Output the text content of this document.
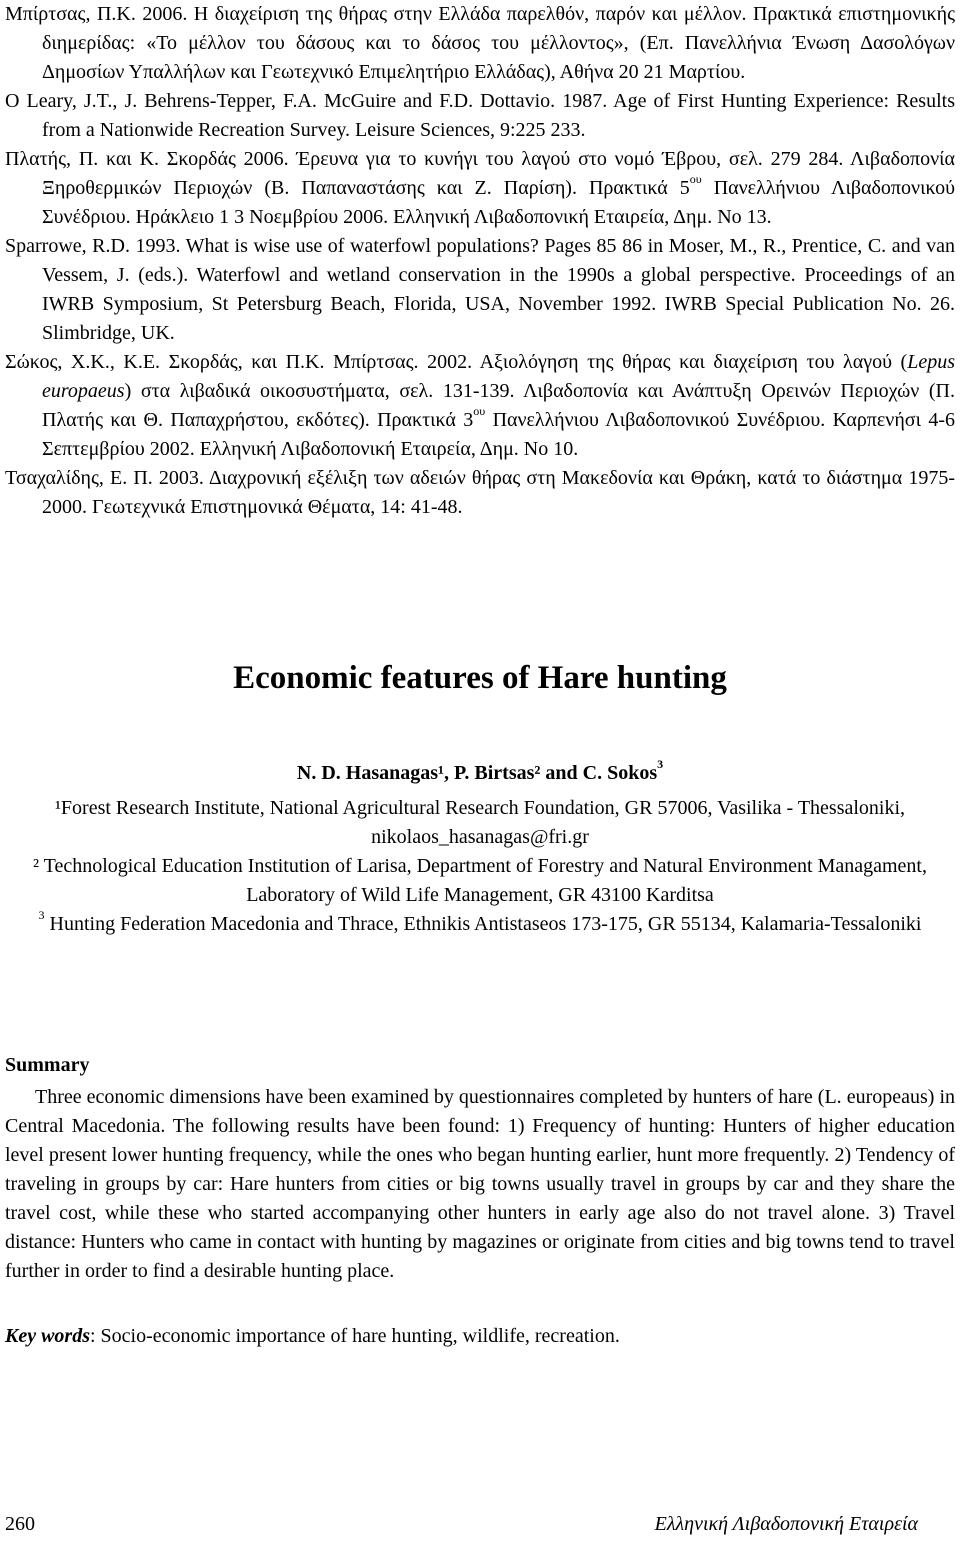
Μπίρτσας, Π.Κ. 2006. Η διαχείριση της θήρας στην Ελλάδα παρελθόν, παρόν και μέλλον. Πρακτικά επιστημονικής διημερίδας: «Το μέλλον του δάσους και το δάσος του μέλλοντος», (Επ. Πανελλήνια Ένωση Δασολόγων Δημοσίων Υπαλλήλων και Γεωτεχνικό Επιμελητήριο Ελλάδας), Αθήνα 20 21 Μαρτίου.

O Leary, J.T., J. Behrens-Tepper, F.A. McGuire and F.D. Dottavio. 1987. Age of First Hunting Experience: Results from a Nationwide Recreation Survey. Leisure Sciences, 9:225 233.

Πλατής, Π. και Κ. Σκορδάς 2006. Έρευνα για το κυνήγι του λαγού στο νομό Έβρου, σελ. 279 284. Λιβαδοπονία Ξηροθερμικών Περιοχών (Β. Παπαναστάσης και Ζ. Παρίση). Πρακτικά $5^{o\upsilon}$ Πανελλήνιου Λιβαδοπονικού Συνέδριου. Ηράκλειο 1 3 Νοεμβρίου 2006. Ελληνική Λιβαδοπονική Εταιρεία, Δημ. Νο 13.

Sparrowe, R.D. 1993. What is wise use of waterfowl populations? Pages 85 86 in Moser, M., R., Prentice, C. and van Vessem, J. (eds.). Waterfowl and wetland conservation in the 1990s a global perspective. Proceedings of an IWRB Symposium, St Petersburg Beach, Florida, USA, November 1992. IWRB Special Publication No. 26. Slimbridge, UK.

Σώκος, Χ.Κ., Κ.Ε. Σκορδάς, και Π.Κ. Μπίρτσας. 2002. Αξιολόγηση της θήρας και διαχείριση του λαγού (Lepus europaeus) στα λιβαδικά οικοσυστήματα, σελ. 131-139. Λιβαδοπονία και Ανάπτυξη Ορεινών Περιοχών (Π. Πλατής και Θ. Παπαχρήστου, εκδότες). Πρακτικά $3^{o\upsilon}$ Πανελλήνιου Λιβαδοπονικού Συνέδριου. Καρπενήσι 4-6 Σεπτεμβρίου 2002. Ελληνική Λιβαδοπονική Εταιρεία, Δημ. Νο 10.

Τσαχαλίδης, Ε. Π. 2003. Διαχρονική εξέλιξη των αδειών θήρας στη Μακεδονία και Θράκη, κατά το διάστημα 1975-2000. Γεωτεχνικά Επιστημονικά Θέματα, 14: 41-48.

Economic features of Hare hunting
N. D. Hasanagas¹, P. Birtsas² and C. Sokos$^3$

¹Forest Research Institute, National Agricultural Research Foundation, GR 57006, Vasilika - Thessaloniki, nikolaos_hasanagas@fri.gr

² Technological Education Institution of Larisa, Department of Forestry and Natural Environment Managament, Laboratory of Wild Life Management, GR 43100 Karditsa

$^3$ Hunting Federation Macedonia and Thrace, Ethnikis Antistaseos 173-175, GR 55134, Kalamaria-Tessaloniki

Summary

Three economic dimensions have been examined by questionnaires completed by hunters of hare (L. europeaus) in Central Macedonia. The following results have been found: 1) Frequency of hunting: Hunters of higher education level present lower hunting frequency, while the ones who began hunting earlier, hunt more frequently. 2) Tendency of traveling in groups by car: Hare hunters from cities or big towns usually travel in groups by car and they share the travel cost, while these who started accompanying other hunters in early age also do not travel alone. 3) Travel distance: Hunters who came in contact with hunting by magazines or originate from cities and big towns tend to travel further in order to find a desirable hunting place.

Key words: Socio-economic importance of hare hunting, wildlife, recreation.
260	Ελληνική Λιβαδοπονική Εταιρεία
